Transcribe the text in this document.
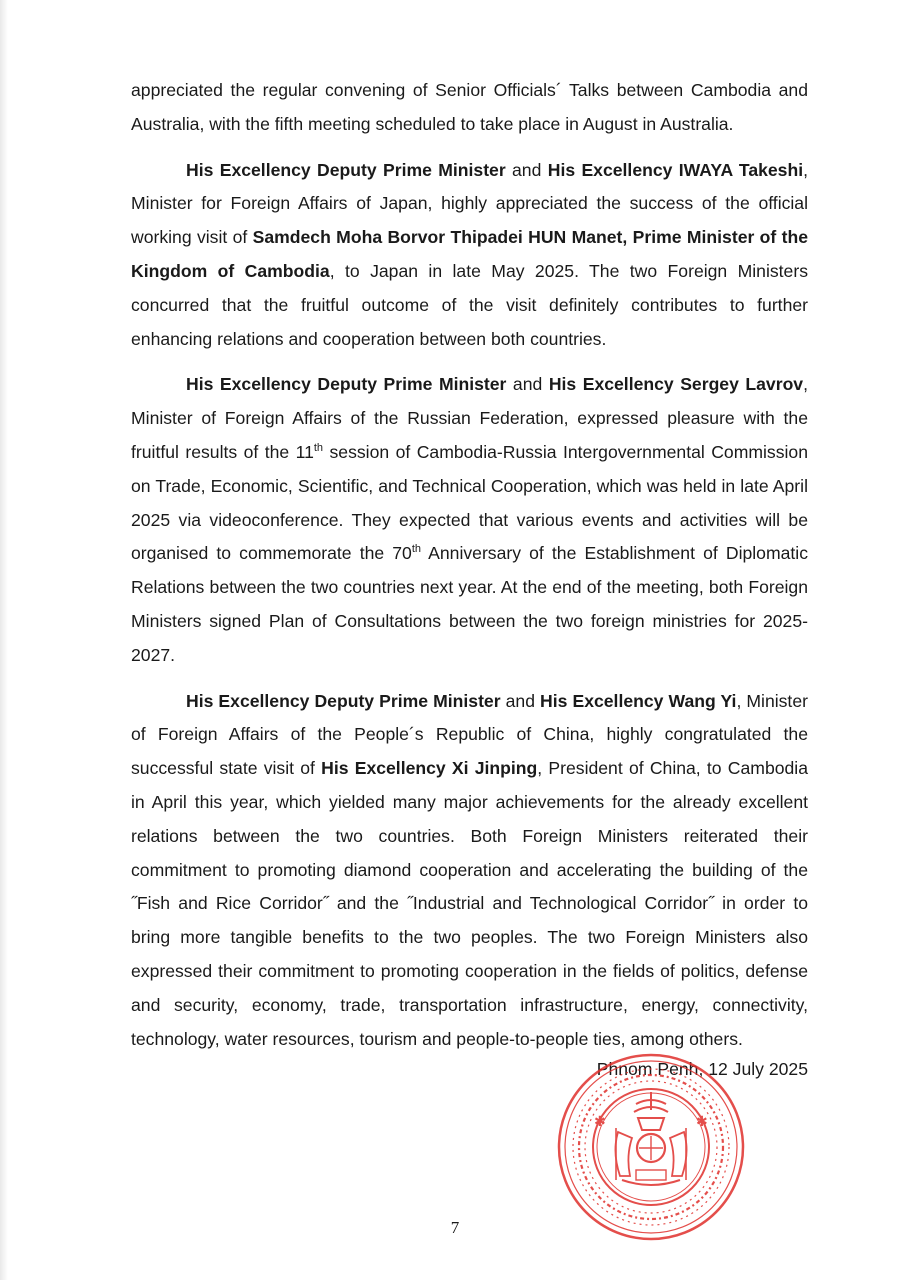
appreciated the regular convening of Senior Officials´ Talks between Cambodia and Australia, with the fifth meeting scheduled to take place in August in Australia.

His Excellency Deputy Prime Minister and His Excellency IWAYA Takeshi, Minister for Foreign Affairs of Japan, highly appreciated the success of the official working visit of Samdech Moha Borvor Thipadei HUN Manet, Prime Minister of the Kingdom of Cambodia, to Japan in late May 2025. The two Foreign Ministers concurred that the fruitful outcome of the visit definitely contributes to further enhancing relations and cooperation between both countries.

His Excellency Deputy Prime Minister and His Excellency Sergey Lavrov, Minister of Foreign Affairs of the Russian Federation, expressed pleasure with the fruitful results of the 11th session of Cambodia-Russia Intergovernmental Commission on Trade, Economic, Scientific, and Technical Cooperation, which was held in late April 2025 via videoconference. They expected that various events and activities will be organised to commemorate the 70th Anniversary of the Establishment of Diplomatic Relations between the two countries next year. At the end of the meeting, both Foreign Ministers signed Plan of Consultations between the two foreign ministries for 2025-2027.

His Excellency Deputy Prime Minister and His Excellency Wang Yi, Minister of Foreign Affairs of the People´s Republic of China, highly congratulated the successful state visit of His Excellency Xi Jinping, President of China, to Cambodia in April this year, which yielded many major achievements for the already excellent relations between the two countries. Both Foreign Ministers reiterated their commitment to promoting diamond cooperation and accelerating the building of the ˝Fish and Rice Corridor˝ and the ˝Industrial and Technological Corridor˝ in order to bring more tangible benefits to the two peoples. The two Foreign Ministers also expressed their commitment to promoting cooperation in the fields of politics, defense and security, economy, trade, transportation infrastructure, energy, connectivity, technology, water resources, tourism and people-to-people ties, among others.

Phnom Penh, 12 July 2025
✱	✱
7
